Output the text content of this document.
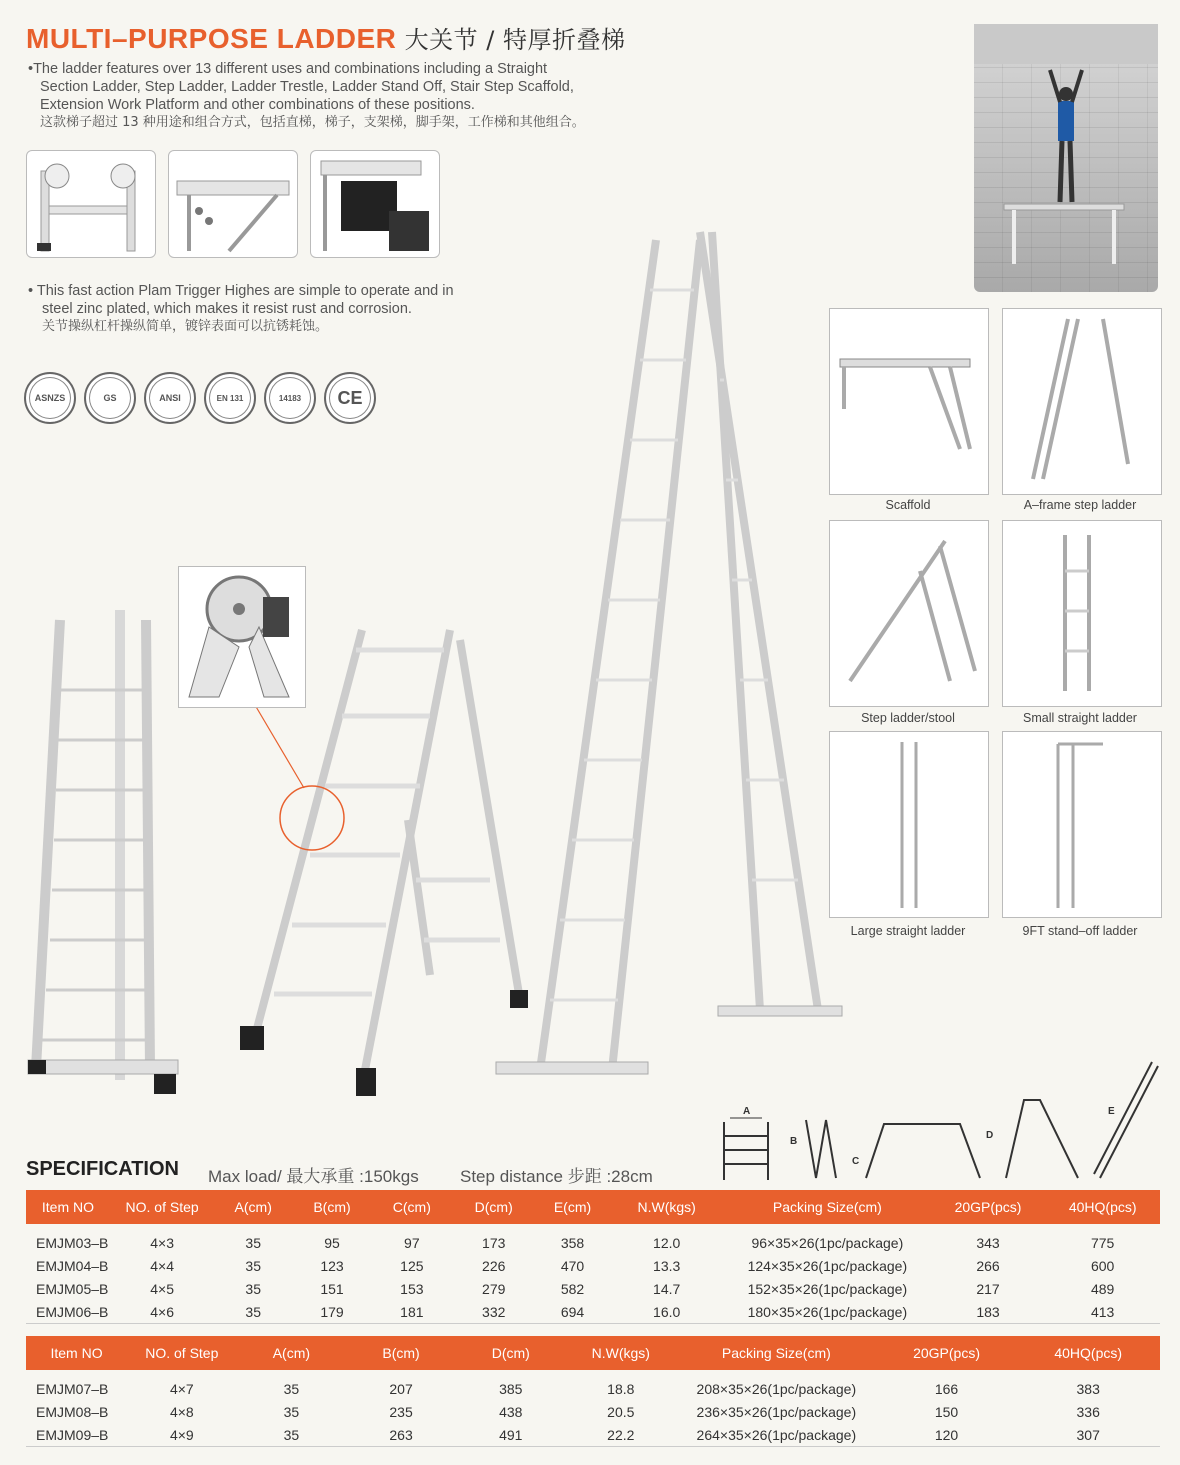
MULTI–PURPOSE LADDER 大关节 / 特厚折叠梯

•The ladder features over 13 different uses and combinations including a Straight

Section Ladder, Step Ladder, Ladder Trestle, Ladder Stand Off, Stair Step Scaffold,

Extension Work Platform and other combinations of these positions.

这款梯子超过 13 种用途和组合方式，包括直梯，梯子，支架梯，脚手架，工作梯和其他组合。

• This fast action Plam Trigger Highes are simple to operate and in

steel zinc plated, which makes it resist rust and corrosion.

关节操纵杠杆操纵简单，镀锌表面可以抗锈耗蚀。

ASNZS	GS	ANSI	EN 131	14183	CE
Scaffold	A–frame step ladder
Step ladder/stool	Small straight ladder
Large straight ladder	9FT stand–off ladder
A
B
C
D
E
SPECIFICATION Max load/ 最大承重 :150kgs Step distance 步距 :28cm
Item NO	NO. of Step	A(cm)	B(cm)	C(cm)	D(cm)	E(cm)	N.W(kgs)	Packing Size(cm)	20GP(pcs)	40HQ(pcs)
EMJM03–B	4×3	35	95	97	173	358	12.0	96×35×26(1pc/package)	343	775
EMJM04–B	4×4	35	123	125	226	470	13.3	124×35×26(1pc/package)	266	600
EMJM05–B	4×5	35	151	153	279	582	14.7	152×35×26(1pc/package)	217	489
EMJM06–B	4×6	35	179	181	332	694	16.0	180×35×26(1pc/package)	183	413
Item NO	NO. of Step	A(cm)	B(cm)	D(cm)	N.W(kgs)	Packing Size(cm)	20GP(pcs)	40HQ(pcs)
EMJM07–B	4×7	35	207	385	18.8	208×35×26(1pc/package)	166	383
EMJM08–B	4×8	35	235	438	20.5	236×35×26(1pc/package)	150	336
EMJM09–B	4×9	35	263	491	22.2	264×35×26(1pc/package)	120	307
